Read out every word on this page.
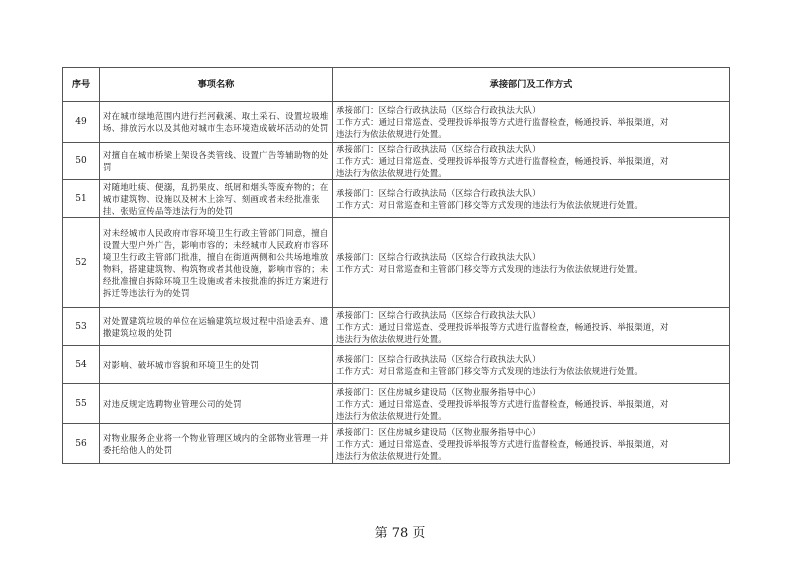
序号	事项名称	承接部门及工作方式
49	对在城市绿地范围内进行拦河截溪、取土采石、设置垃圾堆场、排放污水以及其他对城市生态环境造成破坏活动的处罚	承接部门：区综合行政执法局（区综合行政执法大队）
工作方式：通过日常巡查、受理投诉举报等方式进行监督检查，畅通投诉、举报渠道，对
违法行为依法依规进行处置。

50	对擅自在城市桥梁上架设各类管线、设置广告等辅助物的处罚	承接部门：区综合行政执法局（区综合行政执法大队）
工作方式：通过日常巡查、受理投诉举报等方式进行监督检查，畅通投诉、举报渠道，对
违法行为依法依规进行处置。

51	对随地吐痰、便溺，乱扔果皮、纸屑和烟头等废弃物的；在城市建筑物、设施以及树木上涂写、刻画或者未经批准张挂、张贴宣传品等违法行为的处罚	承接部门：区综合行政执法局（区综合行政执法大队）
工作方式：对日常巡查和主管部门移交等方式发现的违法行为依法依规进行处置。

52	对未经城市人民政府市容环境卫生行政主管部门同意，擅自设置大型户外广告，影响市容的；未经城市人民政府市容环境卫生行政主管部门批准，擅自在街道两侧和公共场地堆放物料，搭建建筑物、构筑物或者其他设施，影响市容的；未经批准擅自拆除环境卫生设施或者未按批准的拆迁方案进行拆迁等违法行为的处罚	承接部门：区综合行政执法局（区综合行政执法大队）
工作方式：对日常巡查和主管部门移交等方式发现的违法行为依法依规进行处置。

53	对处置建筑垃圾的单位在运输建筑垃圾过程中沿途丢弃、遗撒建筑垃圾的处罚	承接部门：区综合行政执法局（区综合行政执法大队）
工作方式：通过日常巡查、受理投诉举报等方式进行监督检查，畅通投诉、举报渠道，对
违法行为依法依规进行处置。

54	对影响、破坏城市容貌和环境卫生的处罚	承接部门：区综合行政执法局（区综合行政执法大队）
工作方式：对日常巡查和主管部门移交等方式发现的违法行为依法依规进行处置。

55	对违反规定选聘物业管理公司的处罚	承接部门：区住房城乡建设局（区物业服务指导中心）
工作方式：通过日常巡查、受理投诉举报等方式进行监督检查，畅通投诉、举报渠道，对
违法行为依法依规进行处置。

56	对物业服务企业将一个物业管理区域内的全部物业管理一并委托给他人的处罚	承接部门：区住房城乡建设局（区物业服务指导中心）
工作方式：通过日常巡查、受理投诉举报等方式进行监督检查，畅通投诉、举报渠道，对
违法行为依法依规进行处置。
第 78 页
